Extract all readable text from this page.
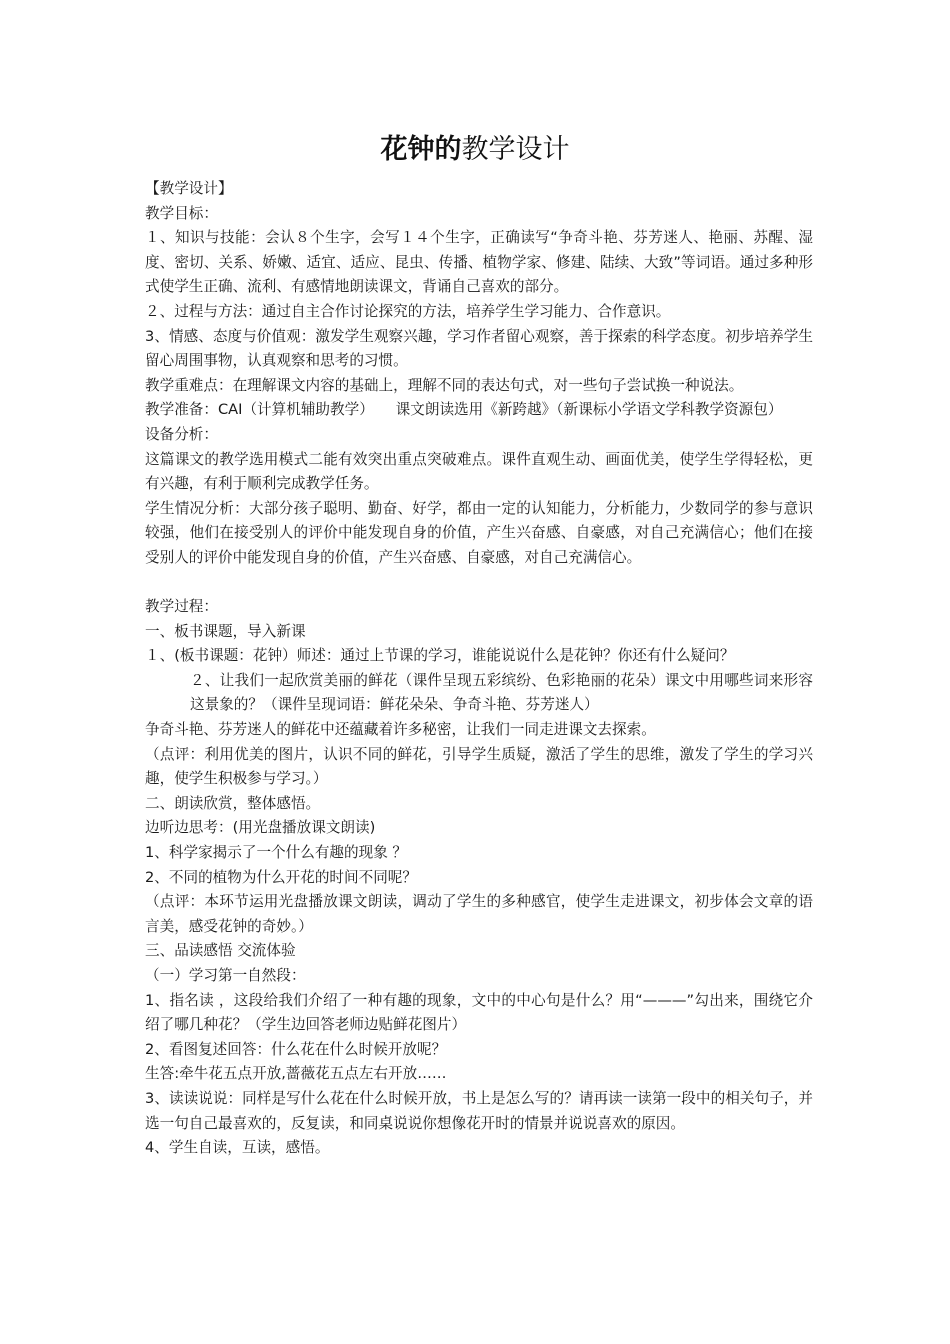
花钟的教学设计

【教学设计】

教学目标：

１、知识与技能：会认８个生字，会写１４个生字，正确读写“争奇斗艳、芬芳迷人、艳丽、苏醒、湿度、密切、关系、娇嫩、适宜、适应、昆虫、传播、植物学家、修建、陆续、大致”等词语。通过多种形式使学生正确、流利、有感情地朗读课文，背诵自己喜欢的部分。

２、过程与方法：通过自主合作讨论探究的方法，培养学生学习能力、合作意识。

3、情感、态度与价值观：激发学生观察兴趣，学习作者留心观察，善于探索的科学态度。初步培养学生留心周围事物，认真观察和思考的习惯。

教学重难点：在理解课文内容的基础上，理解不同的表达句式，对一些句子尝试换一种说法。

教学准备：CAI（计算机辅助教学）　　课文朗读选用《新跨越》（新课标小学语文学科教学资源包）

设备分析：

这篇课文的教学选用模式二能有效突出重点突破难点。课件直观生动、画面优美，使学生学得轻松，更有兴趣，有利于顺利完成教学任务。

学生情况分析：大部分孩子聪明、勤奋、好学，都由一定的认知能力，分析能力，少数同学的参与意识较强，他们在接受别人的评价中能发现自身的价值，产生兴奋感、自豪感，对自己充满信心；他们在接受别人的评价中能发现自身的价值，产生兴奋感、自豪感，对自己充满信心。

教学过程：

一、板书课题，导入新课

１、(板书课题：花钟）师述：通过上节课的学习，谁能说说什么是花钟？你还有什么疑问？

２、让我们一起欣赏美丽的鲜花（课件呈现五彩缤纷、色彩艳丽的花朵）课文中用哪些词来形容这景象的？（课件呈现词语：鲜花朵朵、争奇斗艳、芬芳迷人）

争奇斗艳、芬芳迷人的鲜花中还蕴藏着许多秘密，让我们一同走进课文去探索。

（点评：利用优美的图片，认识不同的鲜花，引导学生质疑，激活了学生的思维，激发了学生的学习兴趣，使学生积极参与学习。）

二、朗读欣赏，整体感悟。

边听边思考：(用光盘播放课文朗读)

1、科学家揭示了一个什么有趣的现象 ？

2、不同的植物为什么开花的时间不同呢？

（点评：本环节运用光盘播放课文朗读，调动了学生的多种感官，使学生走进课文，初步体会文章的语言美，感受花钟的奇妙。）

三、品读感悟 交流体验

（一）学习第一自然段：

1、指名读 ，这段给我们介绍了一种有趣的现象，文中的中心句是什么？用“———”勾出来，围绕它介绍了哪几种花？（学生边回答老师边贴鲜花图片）

2、看图复述回答：什么花在什么时候开放呢？

生答:牵牛花五点开放,蔷薇花五点左右开放……

3、读读说说：同样是写什么花在什么时候开放，书上是怎么写的？请再读一读第一段中的相关句子，并选一句自己最喜欢的，反复读，和同桌说说你想像花开时的情景并说说喜欢的原因。

4、学生自读，互读，感悟。
